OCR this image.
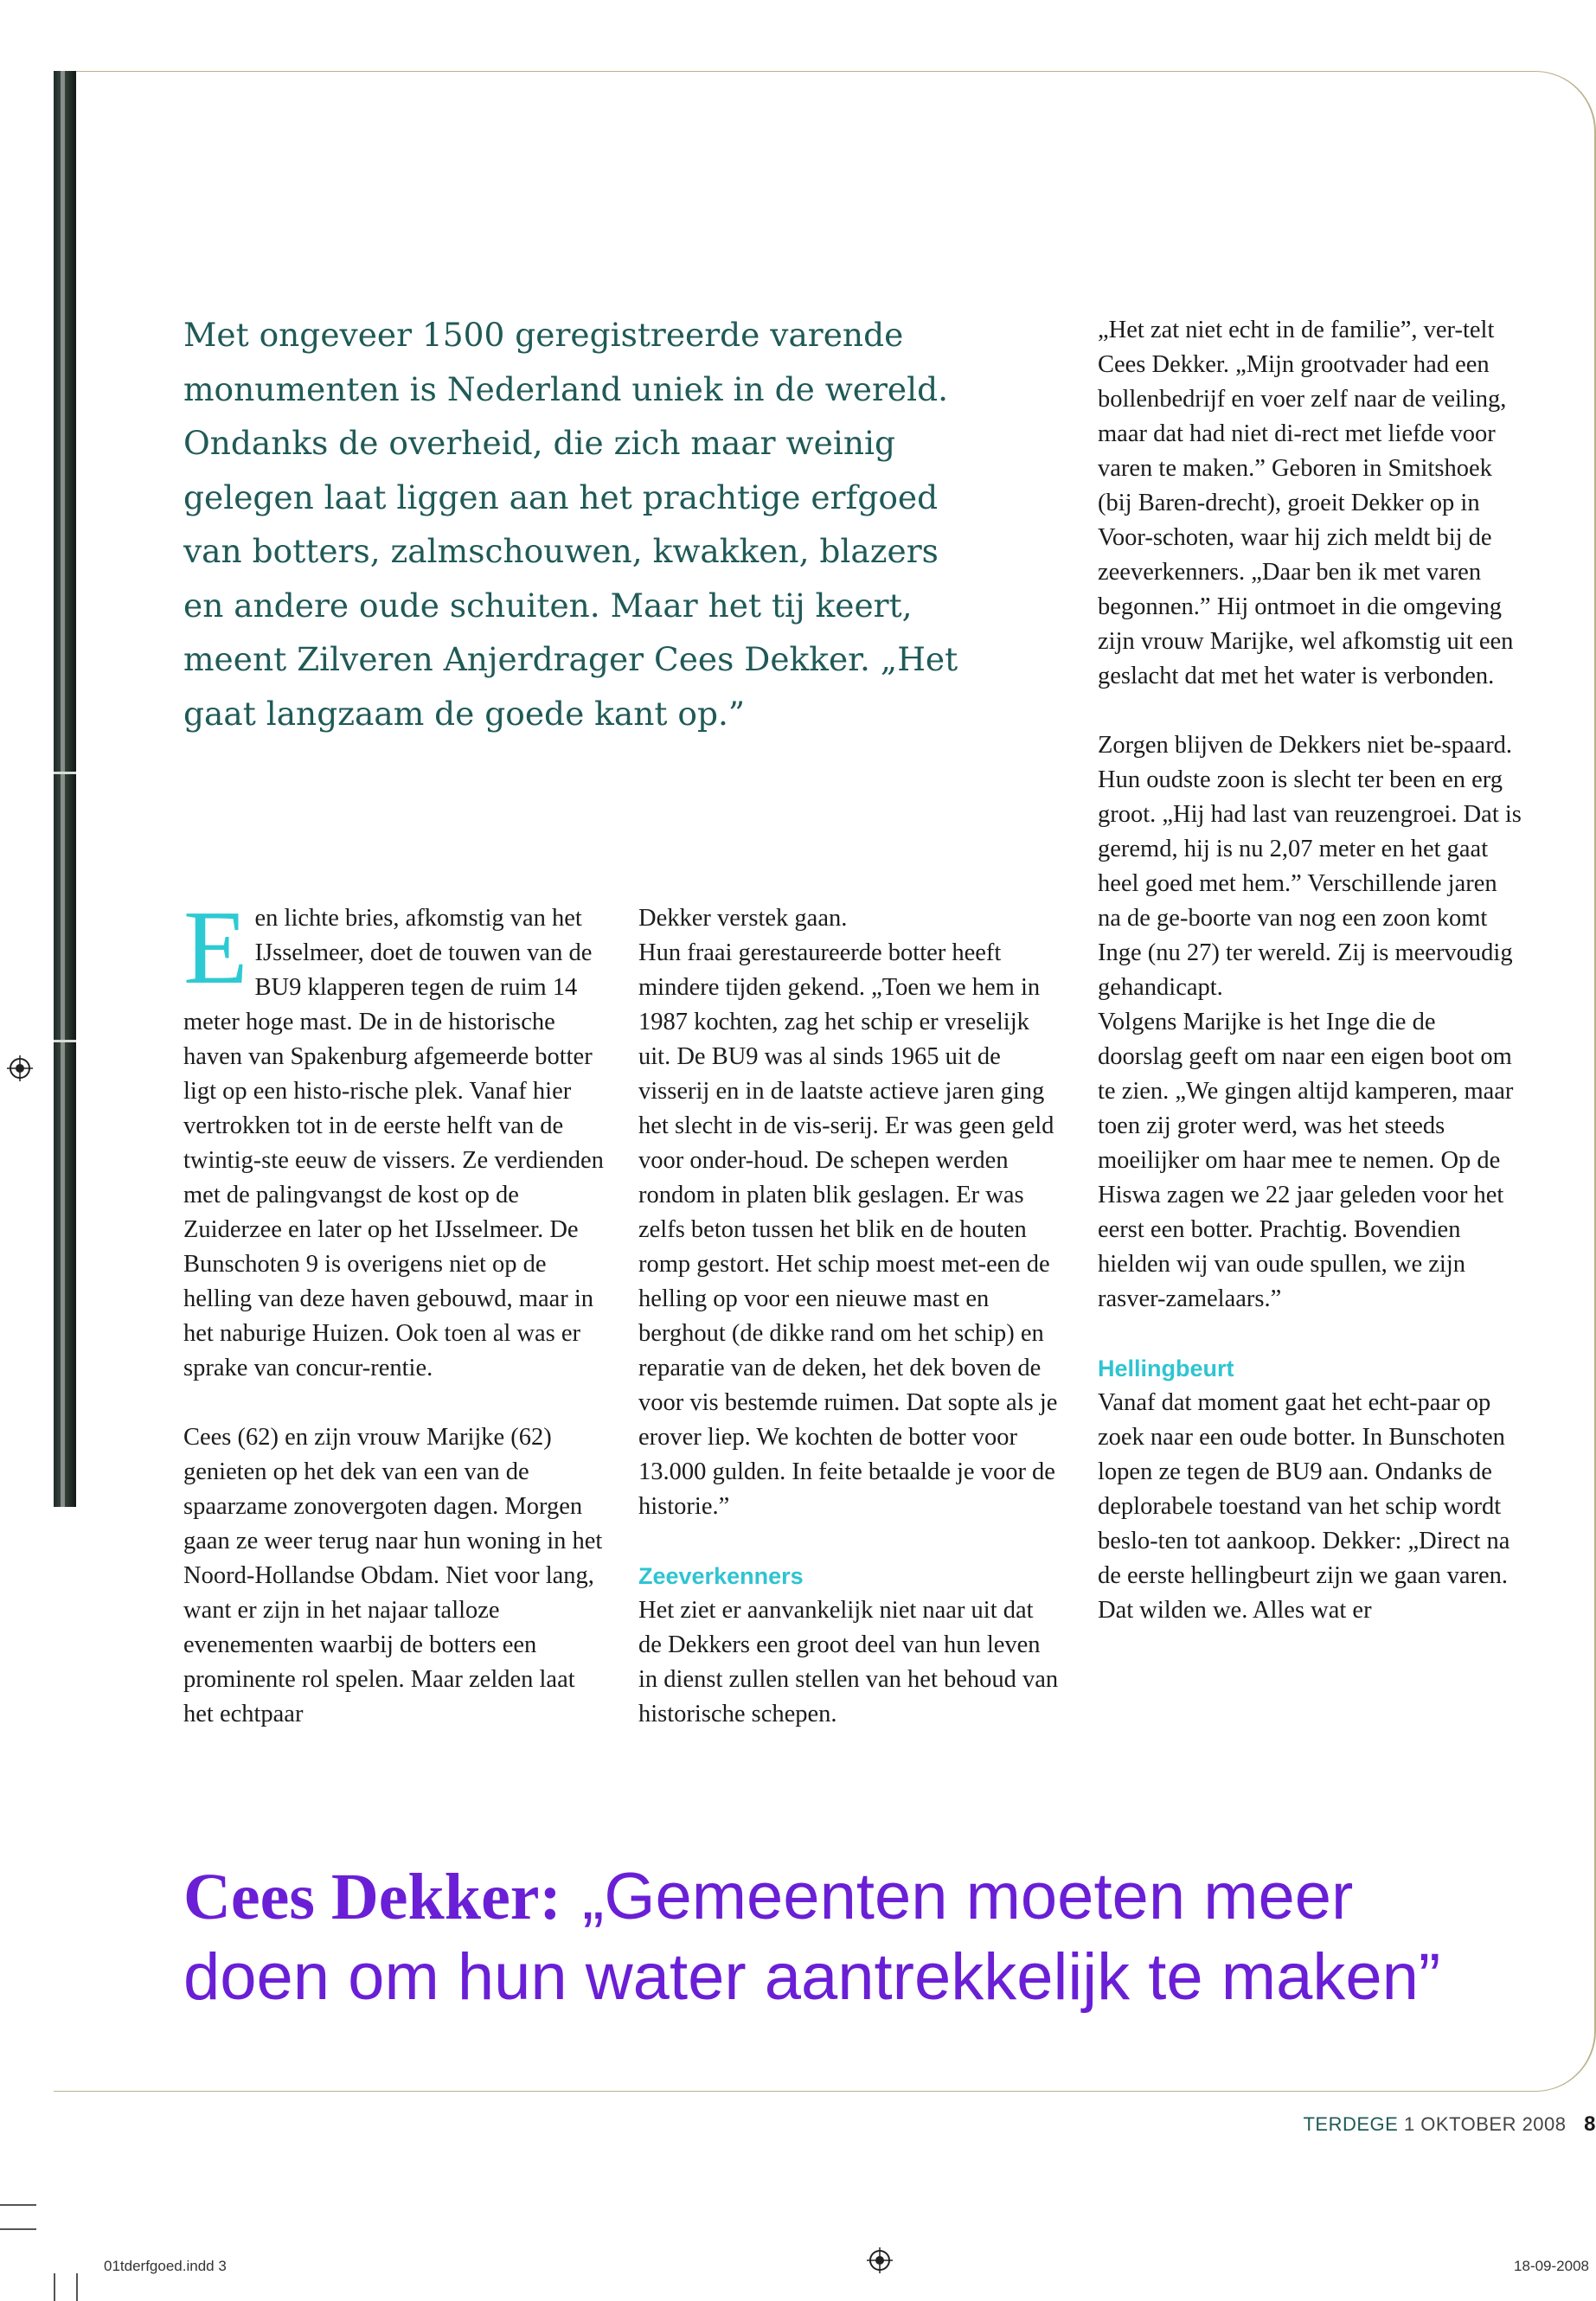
Met ongeveer 1500 geregistreerde varende monumenten is Nederland uniek in de wereld. Ondanks de overheid, die zich maar weinig gelegen laat liggen aan het prachtige erfgoed van botters, zalmschouwen, kwakken, blazers en andere oude schuiten. Maar het tij keert, meent Zilveren Anjerdrager Cees Dekker. „Het gaat langzaam de goede kant op.”

Een lichte bries, afkomstig van het IJsselmeer, doet de touwen van de BU9 klapperen tegen de ruim 14 meter hoge mast. De in de historische haven van Spakenburg afgemeerde botter ligt op een histo-rische plek. Vanaf hier vertrokken tot in de eerste helft van de twintig-ste eeuw de vissers. Ze verdienden met de palingvangst de kost op de Zuiderzee en later op het IJsselmeer. De Bunschoten 9 is overigens niet op de helling van deze haven gebouwd, maar in het naburige Huizen. Ook toen al was er sprake van concur-rentie.

Cees (62) en zijn vrouw Marijke (62) genieten op het dek van een van de spaarzame zonovergoten dagen. Morgen gaan ze weer terug naar hun woning in het Noord-Hollandse Obdam. Niet voor lang, want er zijn in het najaar talloze evenementen waarbij de botters een prominente rol spelen. Maar zelden laat het echtpaar

Dekker verstek gaan.

Hun fraai gerestaureerde botter heeft mindere tijden gekend. „Toen we hem in 1987 kochten, zag het schip er vreselijk uit. De BU9 was al sinds 1965 uit de visserij en in de laatste actieve jaren ging het slecht in de vis-serij. Er was geen geld voor onder-houd. De schepen werden rondom in platen blik geslagen. Er was zelfs beton tussen het blik en de houten romp gestort. Het schip moest met-een de helling op voor een nieuwe mast en berghout (de dikke rand om het schip) en reparatie van de deken, het dek boven de voor vis bestemde ruimen. Dat sopte als je erover liep. We kochten de botter voor 13.000 gulden. In feite betaalde je voor de historie.”

Zeeverkenners

Het ziet er aanvankelijk niet naar uit dat de Dekkers een groot deel van hun leven in dienst zullen stellen van het behoud van historische schepen.

„Het zat niet echt in de familie”, ver-telt Cees Dekker. „Mijn grootvader had een bollenbedrijf en voer zelf naar de veiling, maar dat had niet di-rect met liefde voor varen te maken.” Geboren in Smitshoek (bij Baren-drecht), groeit Dekker op in Voor-schoten, waar hij zich meldt bij de zeeverkenners. „Daar ben ik met varen begonnen.” Hij ontmoet in die omgeving zijn vrouw Marijke, wel afkomstig uit een geslacht dat met het water is verbonden.

Zorgen blijven de Dekkers niet be-spaard. Hun oudste zoon is slecht ter been en erg groot. „Hij had last van reuzengroei. Dat is geremd, hij is nu 2,07 meter en het gaat heel goed met hem.” Verschillende jaren na de ge-boorte van nog een zoon komt Inge (nu 27) ter wereld. Zij is meervoudig gehandicapt.

Volgens Marijke is het Inge die de doorslag geeft om naar een eigen boot om te zien. „We gingen altijd kamperen, maar toen zij groter werd, was het steeds moeilijker om haar mee te nemen. Op de Hiswa zagen we 22 jaar geleden voor het eerst een botter. Prachtig. Bovendien hielden wij van oude spullen, we zijn rasver-zamelaars.”

Hellingbeurt

Vanaf dat moment gaat het echt-paar op zoek naar een oude botter. In Bunschoten lopen ze tegen de BU9 aan. Ondanks de deplorabele toestand van het schip wordt beslo-ten tot aankoop. Dekker: „Direct na de eerste hellingbeurt zijn we gaan varen. Dat wilden we. Alles wat er

Cees Dekker: „Gemeenten moeten meer
doen om hun water aantrekkelijk te maken”
TERDEGE 1 OKTOBER 2008 8
01tderfgoed.indd 3	18-09-2008
